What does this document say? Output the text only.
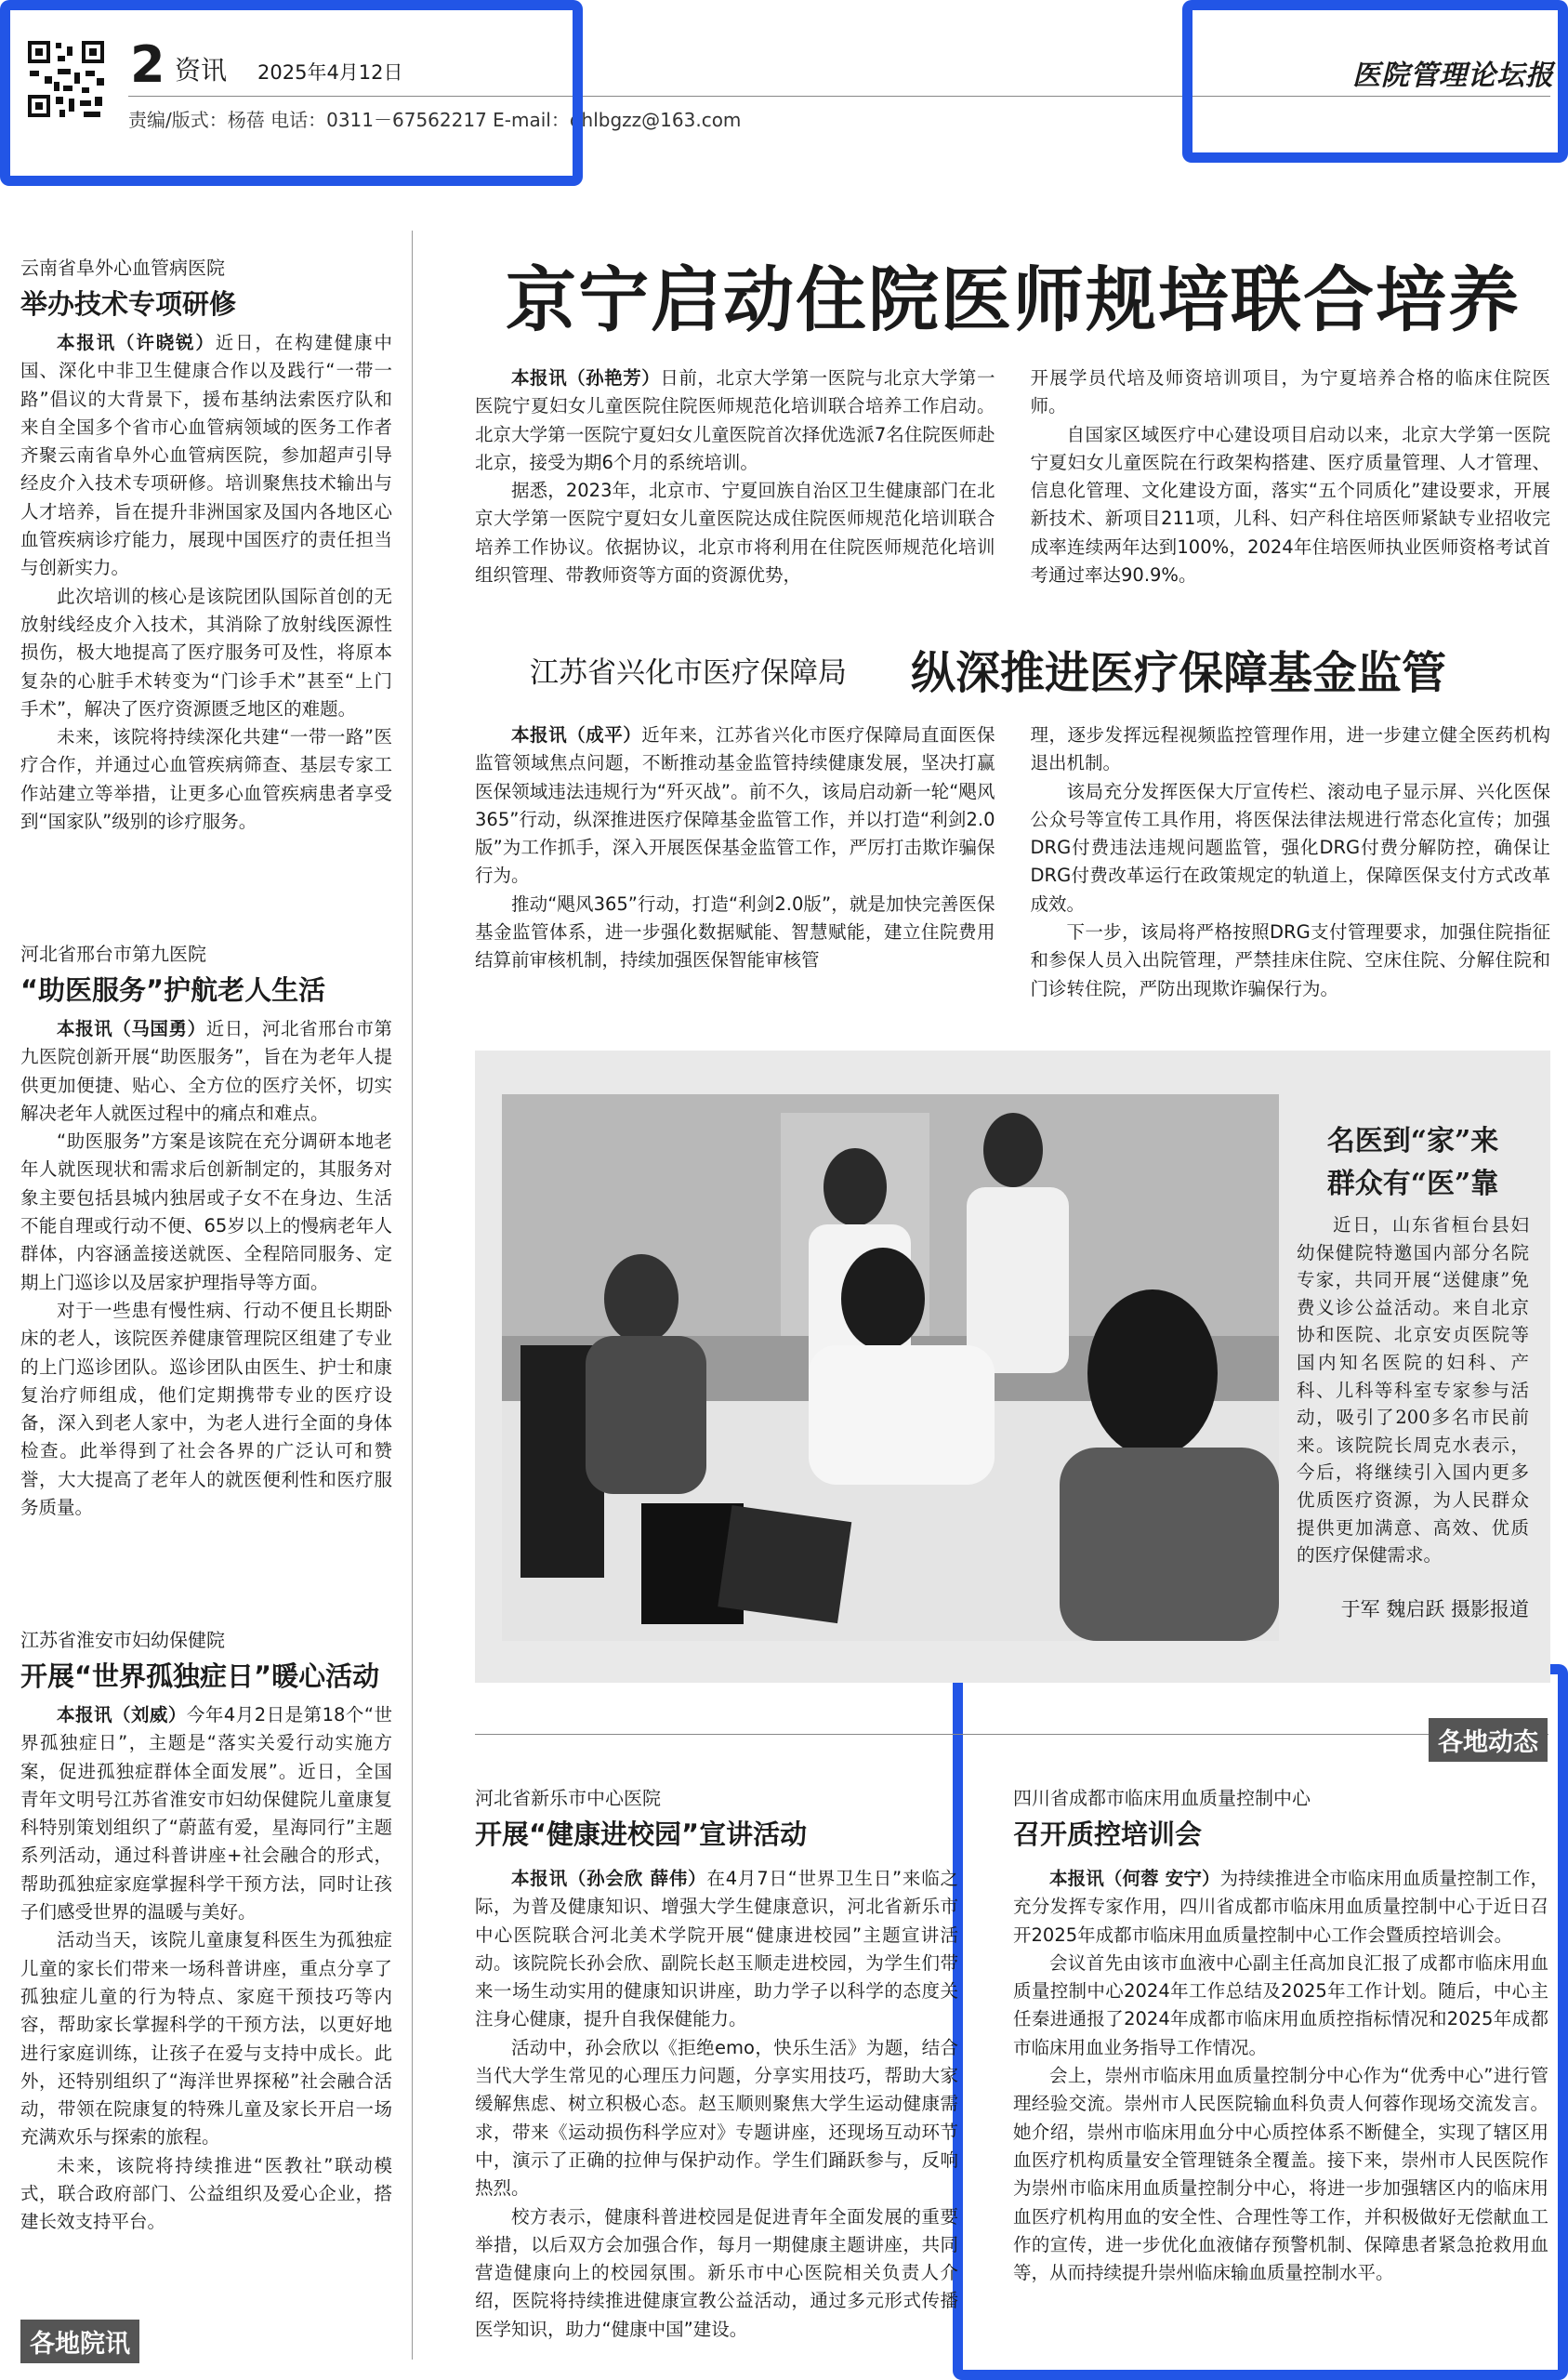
2 资讯 2025年4月12日
责编/版式：杨蓓 电话：0311－67562217 E-mail：dhlbgzz@163.com
医院管理论坛报

云南省阜外心血管病医院

举办技术专项研修

本报讯（许晓锐）近日，在构建健康中国、深化中非卫生健康合作以及践行“一带一路”倡议的大背景下，援布基纳法索医疗队和来自全国多个省市心血管病领域的医务工作者齐聚云南省阜外心血管病医院，参加超声引导经皮介入技术专项研修。培训聚焦技术输出与人才培养，旨在提升非洲国家及国内各地区心血管疾病诊疗能力，展现中国医疗的责任担当与创新实力。

此次培训的核心是该院团队国际首创的无放射线经皮介入技术，其消除了放射线医源性损伤，极大地提高了医疗服务可及性，将原本复杂的心脏手术转变为“门诊手术”甚至“上门手术”，解决了医疗资源匮乏地区的难题。

未来，该院将持续深化共建“一带一路”医疗合作，并通过心血管疾病筛查、基层专家工作站建立等举措，让更多心血管疾病患者享受到“国家队”级别的诊疗服务。

河北省邢台市第九医院

“助医服务”护航老人生活

本报讯（马国勇）近日，河北省邢台市第九医院创新开展“助医服务”，旨在为老年人提供更加便捷、贴心、全方位的医疗关怀，切实解决老年人就医过程中的痛点和难点。

“助医服务”方案是该院在充分调研本地老年人就医现状和需求后创新制定的，其服务对象主要包括县城内独居或子女不在身边、生活不能自理或行动不便、65岁以上的慢病老年人群体，内容涵盖接送就医、全程陪同服务、定期上门巡诊以及居家护理指导等方面。

对于一些患有慢性病、行动不便且长期卧床的老人，该院医养健康管理院区组建了专业的上门巡诊团队。巡诊团队由医生、护士和康复治疗师组成，他们定期携带专业的医疗设备，深入到老人家中，为老人进行全面的身体检查。此举得到了社会各界的广泛认可和赞誉，大大提高了老年人的就医便利性和医疗服务质量。

江苏省淮安市妇幼保健院

开展“世界孤独症日”暖心活动

本报讯（刘威）今年4月2日是第18个“世界孤独症日”，主题是“落实关爱行动实施方案，促进孤独症群体全面发展”。近日，全国青年文明号江苏省淮安市妇幼保健院儿童康复科特别策划组织了“蔚蓝有爱，星海同行”主题系列活动，通过科普讲座+社会融合的形式，帮助孤独症家庭掌握科学干预方法，同时让孩子们感受世界的温暖与美好。

活动当天，该院儿童康复科医生为孤独症儿童的家长们带来一场科普讲座，重点分享了孤独症儿童的行为特点、家庭干预技巧等内容，帮助家长掌握科学的干预方法，以更好地进行家庭训练，让孩子在爱与支持中成长。此外，还特别组织了“海洋世界探秘”社会融合活动，带领在院康复的特殊儿童及家长开启一场充满欢乐与探索的旅程。

未来，该院将持续推进“医教社”联动模式，联合政府部门、公益组织及爱心企业，搭建长效支持平台。

各地院讯
京宁启动住院医师规培联合培养

本报讯（孙艳芳）日前，北京大学第一医院与北京大学第一医院宁夏妇女儿童医院住院医师规范化培训联合培养工作启动。北京大学第一医院宁夏妇女儿童医院首次择优选派7名住院医师赴北京，接受为期6个月的系统培训。

据悉，2023年，北京市、宁夏回族自治区卫生健康部门在北京大学第一医院宁夏妇女儿童医院达成住院医师规范化培训联合培养工作协议。依据协议，北京市将利用在住院医师规范化培训组织管理、带教师资等方面的资源优势，

开展学员代培及师资培训项目，为宁夏培养合格的临床住院医师。

自国家区域医疗中心建设项目启动以来，北京大学第一医院宁夏妇女儿童医院在行政架构搭建、医疗质量管理、人才管理、信息化管理、文化建设方面，落实“五个同质化”建设要求，开展新技术、新项目211项，儿科、妇产科住培医师紧缺专业招收完成率连续两年达到100%，2024年住培医师执业医师资格考试首考通过率达90.9%。

江苏省兴化市医疗保障局 纵深推进医疗保障基金监管

本报讯（成平）近年来，江苏省兴化市医疗保障局直面医保监管领域焦点问题，不断推动基金监管持续健康发展，坚决打赢医保领域违法违规行为“歼灭战”。前不久，该局启动新一轮“飓风365”行动，纵深推进医疗保障基金监管工作，并以打造“利剑2.0版”为工作抓手，深入开展医保基金监管工作，严厉打击欺诈骗保行为。

推动“飓风365”行动，打造“利剑2.0版”，就是加快完善医保基金监管体系，进一步强化数据赋能、智慧赋能，建立住院费用结算前审核机制，持续加强医保智能审核管

理，逐步发挥远程视频监控管理作用，进一步建立健全医药机构退出机制。

该局充分发挥医保大厅宣传栏、滚动电子显示屏、兴化医保公众号等宣传工具作用，将医保法律法规进行常态化宣传；加强DRG付费违法违规问题监管，强化DRG付费分解防控，确保让DRG付费改革运行在政策规定的轨道上，保障医保支付方式改革成效。

下一步，该局将严格按照DRG支付管理要求，加强住院指征和参保人员入出院管理，严禁挂床住院、空床住院、分解住院和门诊转住院，严防出现欺诈骗保行为。

名医到“家”来
群众有“医”靠

近日，山东省桓台县妇幼保健院特邀国内部分名院专家，共同开展“送健康”免费义诊公益活动。来自北京协和医院、北京安贞医院等国内知名医院的妇科、产科、儿科等科室专家参与活动，吸引了200多名市民前来。该院院长周克水表示，今后，将继续引入国内更多优质医疗资源，为人民群众提供更加满意、高效、优质的医疗保健需求。

于军 魏启跃 摄影报道
各地动态

河北省新乐市中心医院

开展“健康进校园”宣讲活动

本报讯（孙会欣 薛伟）在4月7日“世界卫生日”来临之际，为普及健康知识、增强大学生健康意识，河北省新乐市中心医院联合河北美术学院开展“健康进校园”主题宣讲活动。该院院长孙会欣、副院长赵玉顺走进校园，为学生们带来一场生动实用的健康知识讲座，助力学子以科学的态度关注身心健康，提升自我保健能力。

活动中，孙会欣以《拒绝emo，快乐生活》为题，结合当代大学生常见的心理压力问题，分享实用技巧，帮助大家缓解焦虑、树立积极心态。赵玉顺则聚焦大学生运动健康需求，带来《运动损伤科学应对》专题讲座，还现场互动环节中，演示了正确的拉伸与保护动作。学生们踊跃参与，反响热烈。

校方表示，健康科普进校园是促进青年全面发展的重要举措，以后双方会加强合作，每月一期健康主题讲座，共同营造健康向上的校园氛围。新乐市中心医院相关负责人介绍，医院将持续推进健康宣教公益活动，通过多元形式传播医学知识，助力“健康中国”建设。

四川省成都市临床用血质量控制中心

召开质控培训会

本报讯（何蓉 安宁）为持续推进全市临床用血质量控制工作，充分发挥专家作用，四川省成都市临床用血质量控制中心于近日召开2025年成都市临床用血质量控制中心工作会暨质控培训会。

会议首先由该市血液中心副主任高加良汇报了成都市临床用血质量控制中心2024年工作总结及2025年工作计划。随后，中心主任秦进通报了2024年成都市临床用血质控指标情况和2025年成都市临床用血业务指导工作情况。

会上，崇州市临床用血质量控制分中心作为“优秀中心”进行管理经验交流。崇州市人民医院输血科负责人何蓉作现场交流发言。她介绍，崇州市临床用血分中心质控体系不断健全，实现了辖区用血医疗机构质量安全管理链条全覆盖。接下来，崇州市人民医院作为崇州市临床用血质量控制分中心，将进一步加强辖区内的临床用血医疗机构用血的安全性、合理性等工作，并积极做好无偿献血工作的宣传，进一步优化血液储存预警机制、保障患者紧急抢救用血等，从而持续提升崇州临床输血质量控制水平。
